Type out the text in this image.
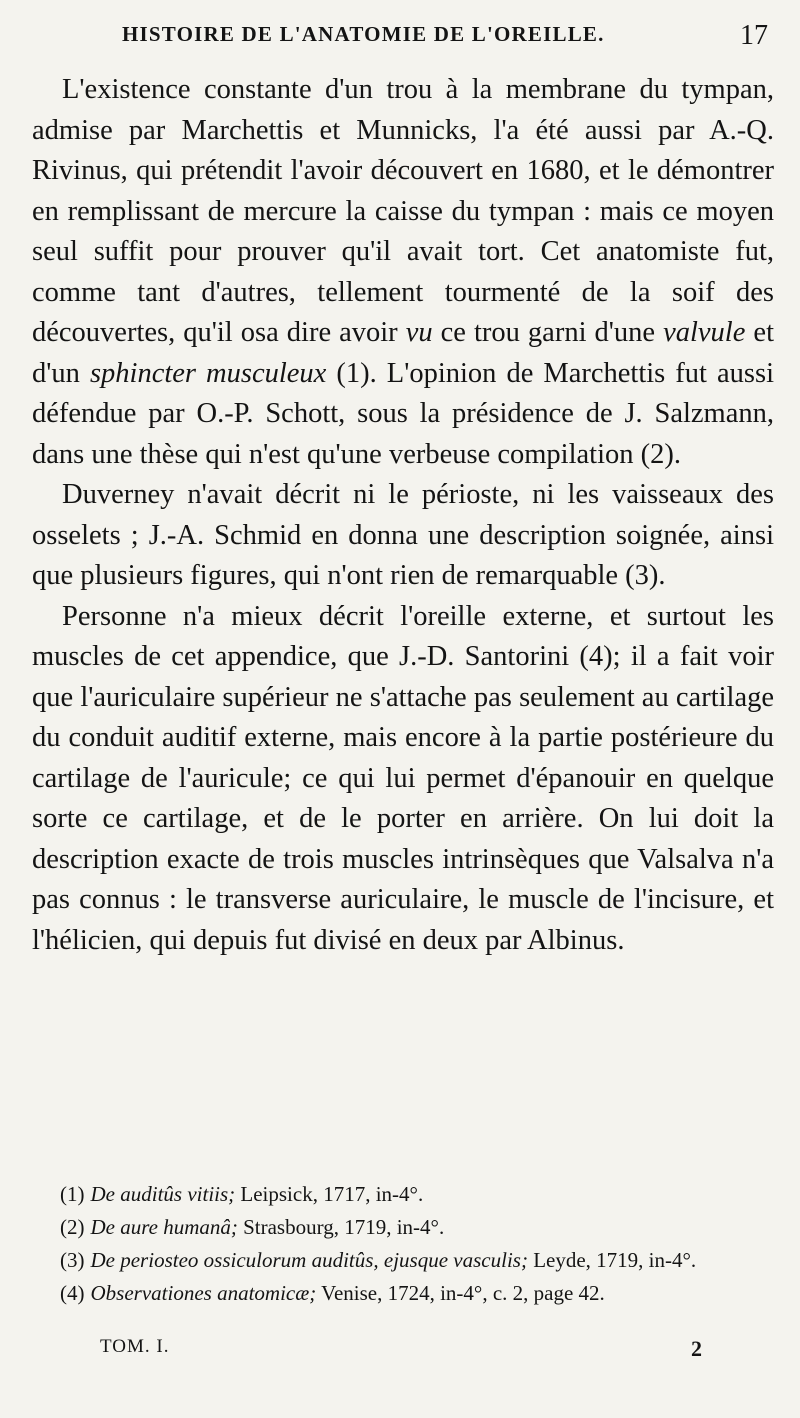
HISTOIRE DE L'ANATOMIE DE L'OREILLE.	17

L'existence constante d'un trou à la membrane du tympan, admise par Marchettis et Munnicks, l'a été aussi par A.-Q. Rivinus, qui prétendit l'avoir découvert en 1680, et le démontrer en remplissant de mercure la caisse du tympan : mais ce moyen seul suffit pour prouver qu'il avait tort. Cet anatomiste fut, comme tant d'autres, tellement tourmenté de la soif des découvertes, qu'il osa dire avoir vu ce trou garni d'une valvule et d'un sphincter musculeux (1). L'opinion de Marchettis fut aussi défendue par O.-P. Schott, sous la présidence de J. Salzmann, dans une thèse qui n'est qu'une verbeuse compilation (2).

Duverney n'avait décrit ni le périoste, ni les vaisseaux des osselets ; J.-A. Schmid en donna une description soignée, ainsi que plusieurs figures, qui n'ont rien de remarquable (3).

Personne n'a mieux décrit l'oreille externe, et surtout les muscles de cet appendice, que J.-D. Santorini (4); il a fait voir que l'auriculaire supérieur ne s'attache pas seulement au cartilage du conduit auditif externe, mais encore à la partie postérieure du cartilage de l'auricule; ce qui lui permet d'épanouir en quelque sorte ce cartilage, et de le porter en arrière. On lui doit la description exacte de trois muscles intrinsèques que Valsalva n'a pas connus : le transverse auriculaire, le muscle de l'incisure, et l'hélicien, qui depuis fut divisé en deux par Albinus.

(1) De auditûs vitiis; Leipsick, 1717, in-4°.

(2) De aure humanâ; Strasbourg, 1719, in-4°.

(3) De periosteo ossiculorum auditûs, ejusque vasculis; Leyde, 1719, in-4°.

(4) Observationes anatomicæ; Venise, 1724, in-4°, c. 2, page 42.

TOM. I.	2
